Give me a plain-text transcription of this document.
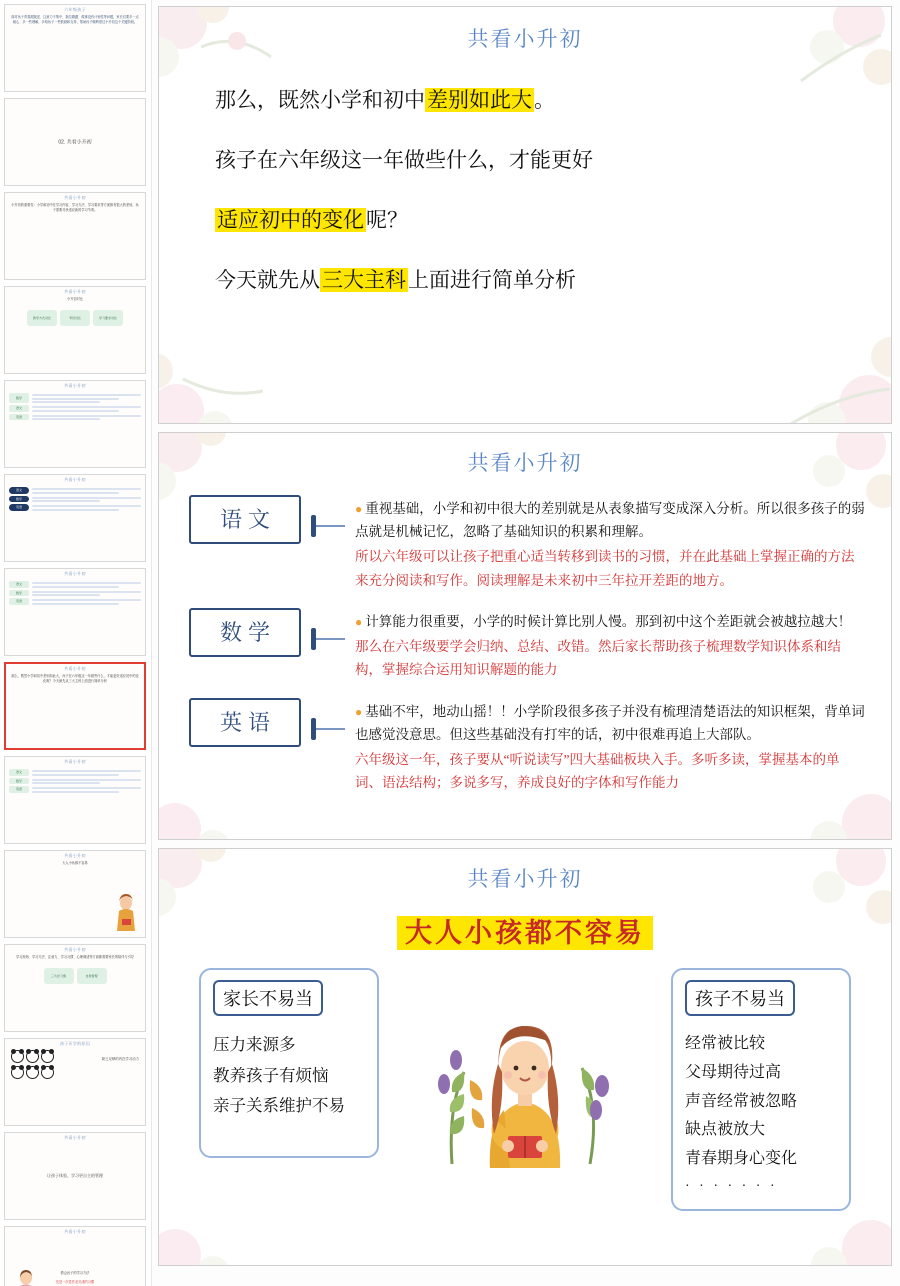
六年级孩子
面对孩子青春期叛逆、注意力不集中、拖拉磨蹭、做事没有计划性等问题，家长们要多一点耐心、多一些理解，多给孩子一些鼓励和支持，帮助孩子顺利度过小升初这个关键阶段。
02. 共看小升初
共看小升初
小升初的重要性：小学和初中在学习内容、学习方法、学习要求等方面都有很大的差别，孩子需要尽快适应新的学习节奏。
共看小升初
小升初对比
教学方式对比	考试对比	学习要求对比
共看小升初
数学
语文
英语
共看小升初
语文
数学
英语
共看小升初
语文
数学
英语
共看小升初
那么，既然小学和初中差别如此大，孩子在六年级这一年做些什么，才能更好适应初中的变化呢？今天就先从三大主科上面进行简单分析
共看小升初
语文
数学
英语
共看小升初
大人小孩都不容易
共看小升初
学习规划、学习方法、注意力、学习习惯、心理调适等方面都需要家长的陪伴与引导
三大好习惯	自我管理
孩子厌学的原因
缺乏足够的内在学习动力
共看小升初
让孩子体验、学习更自主的管理
共看小升初
教会孩子的学习方法
先是一次性作业完成的习惯
共看小升初

那么，既然小学和初中差别如此大。

孩子在六年级这一年做些什么，才能更好

适应初中的变化呢？

今天就先从三大主科上面进行简单分析

共看小升初
语文	● 重视基础，小学和初中很大的差别就是从表象描写变成深入分析。所以很多孩子的弱点就是机械记忆，忽略了基础知识的积累和理解。
所以六年级可以让孩子把重心适当转移到读书的习惯，并在此基础上掌握正确的方法来充分阅读和写作。阅读理解是未来初中三年拉开差距的地方。
数学	● 计算能力很重要，小学的时候计算比别人慢。那到初中这个差距就会被越拉越大！
那么在六年级要学会归纳、总结、改错。然后家长帮助孩子梳理数学知识体系和结构，掌握综合运用知识解题的能力
英语	● 基础不牢，地动山摇！！小学阶段很多孩子并没有梳理清楚语法的知识框架，背单词也感觉没意思。但这些基础没有打牢的话，初中很难再追上大部队。
六年级这一年，孩子要从“听说读写”四大基础板块入手。多听多读，掌握基本的单词、语法结构；多说多写，养成良好的字体和写作能力
共看小升初
大人小孩都不容易
家长不易当
压力来源多
教养孩子有烦恼
亲子关系维护不易
孩子不易当
经常被比较
父母期待过高
声音经常被忽略
缺点被放大
青春期身心变化
· · · · · · ·
